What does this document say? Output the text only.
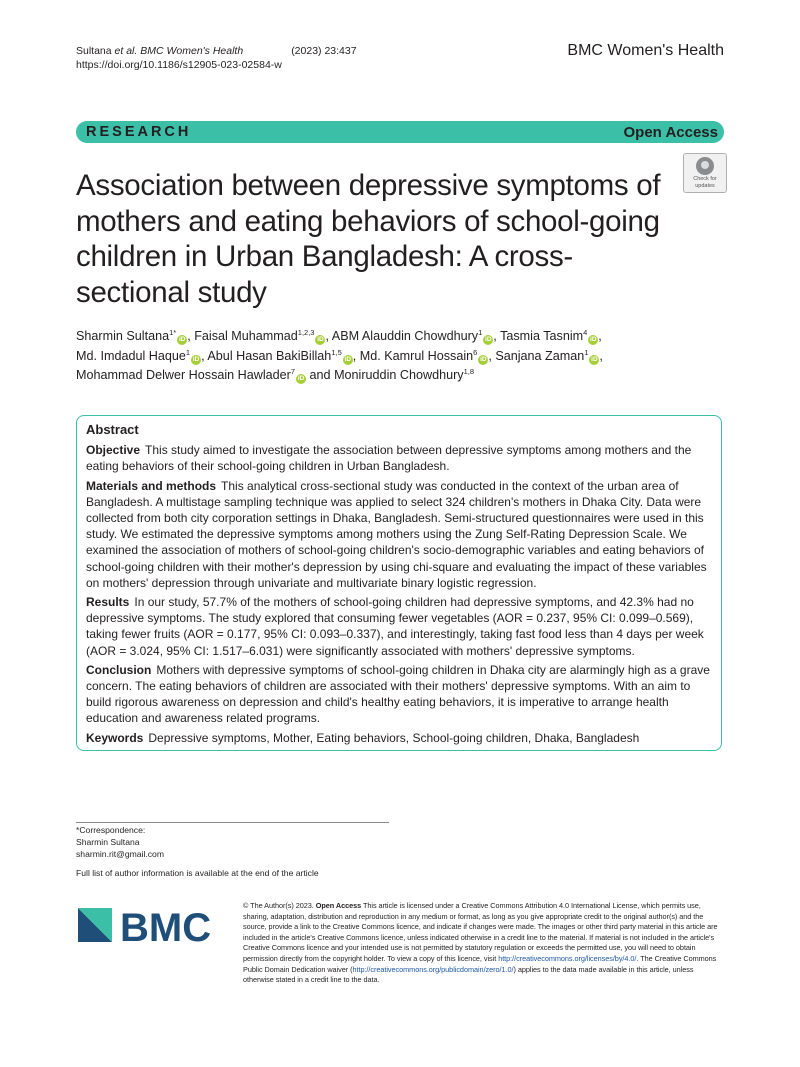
Sultana et al. BMC Women's Health	(2023) 23:437
https://doi.org/10.1186/s12905-023-02584-w
BMC Women's Health
RESEARCH	Open Access
Check for
updates
Association between depressive symptoms of mothers and eating behaviors of school-going children in Urban Bangladesh: A cross-sectional study
Sharmin Sultana$^{1*}$iD , Faisal Muhammad$^{1,2,3}$iD , ABM Alauddin Chowdhury$^1$iD , Tasmia Tasnim$^4$iD ,
Md. Imdadul Haque$^1$iD , Abul Hasan BakiBillah$^{1,5}$iD , Md. Kamrul Hossain$^6$iD , Sanjana Zaman$^1$iD ,
Mohammad Delwer Hossain Hawlader$^7$iD and Moniruddin Chowdhury$^{1,8}$
Abstract

Objective This study aimed to investigate the association between depressive symptoms among mothers and the eating behaviors of their school-going children in Urban Bangladesh.

Materials and methods This analytical cross-sectional study was conducted in the context of the urban area of Bangladesh. A multistage sampling technique was applied to select 324 children's mothers in Dhaka City. Data were collected from both city corporation settings in Dhaka, Bangladesh. Semi-structured questionnaires were used in this study. We estimated the depressive symptoms among mothers using the Zung Self-Rating Depression Scale. We examined the association of mothers of school-going children's socio-demographic variables and eating behaviors of school-going children with their mother's depression by using chi-square and evaluating the impact of these variables on mothers' depression through univariate and multivariate binary logistic regression.

Results In our study, 57.7% of the mothers of school-going children had depressive symptoms, and 42.3% had no depressive symptoms. The study explored that consuming fewer vegetables (AOR = 0.237, 95% CI: 0.099–0.569), taking fewer fruits (AOR = 0.177, 95% CI: 0.093–0.337), and interestingly, taking fast food less than 4 days per week (AOR = 3.024, 95% CI: 1.517–6.031) were significantly associated with mothers' depressive symptoms.

Conclusion Mothers with depressive symptoms of school-going children in Dhaka city are alarmingly high as a grave concern. The eating behaviors of children are associated with their mothers' depressive symptoms. With an aim to build rigorous awareness on depression and child's healthy eating behaviors, it is imperative to arrange health education and awareness related programs.

Keywords Depressive symptoms, Mother, Eating behaviors, School-going children, Dhaka, Bangladesh

*Correspondence:
Sharmin Sultana
sharmin.rit@gmail.com
Full list of author information is available at the end of the article
BMC
© The Author(s) 2023. Open Access This article is licensed under a Creative Commons Attribution 4.0 International License, which permits use, sharing, adaptation, distribution and reproduction in any medium or format, as long as you give appropriate credit to the original author(s) and the source, provide a link to the Creative Commons licence, and indicate if changes were made. The images or other third party material in this article are included in the article's Creative Commons licence, unless indicated otherwise in a credit line to the material. If material is not included in the article's Creative Commons licence and your intended use is not permitted by statutory regulation or exceeds the permitted use, you will need to obtain permission directly from the copyright holder. To view a copy of this licence, visit http://creativecommons.org/licenses/by/4.0/. The Creative Commons Public Domain Dedication waiver (http://creativecommons.org/publicdomain/zero/1.0/) applies to the data made available in this article, unless otherwise stated in a credit line to the data.
